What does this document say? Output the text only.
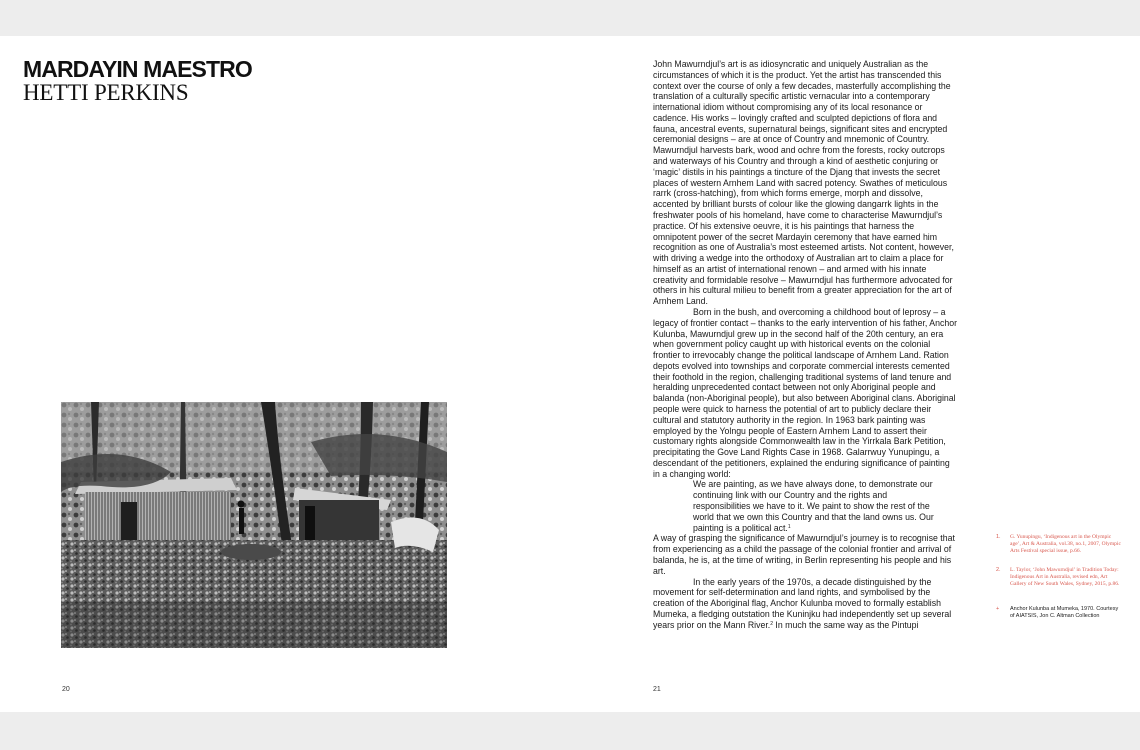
MARDAYIN MAESTRO
HETTI PERKINS
20

John Mawurndjul’s art is as idiosyncratic and uniquely Australian as the circumstances of which it is the product. Yet the artist has transcended this context over the course of only a few decades, masterfully accomplishing the translation of a culturally specific artistic vernacular into a contemporary international idiom without compromising any of its local resonance or cadence. His works – lovingly crafted and sculpted depictions of flora and fauna, ancestral events, supernatural beings, significant sites and encrypted ceremonial designs – are at once of Country and mnemonic of Country. Mawurndjul harvests bark, wood and ochre from the forests, rocky outcrops and waterways of his Country and through a kind of aesthetic conjuring or ‘magic’ distils in his paintings a tincture of the Djang that invests the secret places of western Arnhem Land with sacred potency. Swathes of meticulous rarrk (cross-hatching), from which forms emerge, morph and dissolve, accented by brilliant bursts of colour like the glowing dangarrk lights in the freshwater pools of his homeland, have come to characterise Mawurndjul’s practice. Of his extensive oeuvre, it is his paintings that harness the omnipotent power of the secret Mardayin ceremony that have earned him recognition as one of Australia’s most esteemed artists. Not content, however, with driving a wedge into the orthodoxy of Australian art to claim a place for himself as an artist of international renown – and armed with his innate creativity and formidable resolve – Mawurndjul has furthermore advocated for others in his cultural milieu to benefit from a greater appreciation for the art of Arnhem Land.

Born in the bush, and overcoming a childhood bout of leprosy – a legacy of frontier contact – thanks to the early intervention of his father, Anchor Kulunba, Mawurndjul grew up in the second half of the 20th century, an era when government policy caught up with historical events on the colonial frontier to irrevocably change the political landscape of Arnhem Land. Ration depots evolved into townships and corporate commercial interests cemented their foothold in the region, challenging traditional systems of land tenure and heralding unprecedented contact between not only Aboriginal people and balanda (non-Aboriginal people), but also between Aboriginal clans. Aboriginal people were quick to harness the potential of art to publicly declare their cultural and statutory authority in the region. In 1963 bark painting was employed by the Yolngu people of Eastern Arnhem Land to assert their customary rights alongside Commonwealth law in the Yirrkala Bark Petition, precipitating the Gove Land Rights Case in 1968. Galarrwuy Yunupingu, a descendant of the petitioners, explained the enduring significance of painting in a changing world:

We are painting, as we have always done, to demonstrate our continuing link with our Country and the rights and responsibilities we have to it. We paint to show the rest of the world that we own this Country and that the land owns us. Our painting is a political act.$^1$

A way of grasping the significance of Mawurndjul’s journey is to recognise that from experiencing as a child the passage of the colonial frontier and arrival of balanda, he is, at the time of writing, in Berlin representing his people and his art.

In the early years of the 1970s, a decade distinguished by the movement for self-determination and land rights, and symbolised by the creation of the Aboriginal flag, Anchor Kulunba moved to formally establish Mumeka, a fledging outstation the Kuninjku had independently set up several years prior on the Mann River.$^2$ In much the same way as the Pintupi

21
1.	G. Yunupingu, ‘Indigenous art in the Olympic age’, Art & Australia, vol.38, no.1, 2007, Olympic Arts Festival special issue, p.66.
2.	L. Taylor, ‘John Mawurndjul’ in Tradition Today: Indigenous Art in Australia, revised edn, Art Gallery of New South Wales, Sydney, 2015, p.86.
+	Anchor Kulunba at Mumeka, 1970. Courtesy of AIATSIS, Jon C. Altman Collection
